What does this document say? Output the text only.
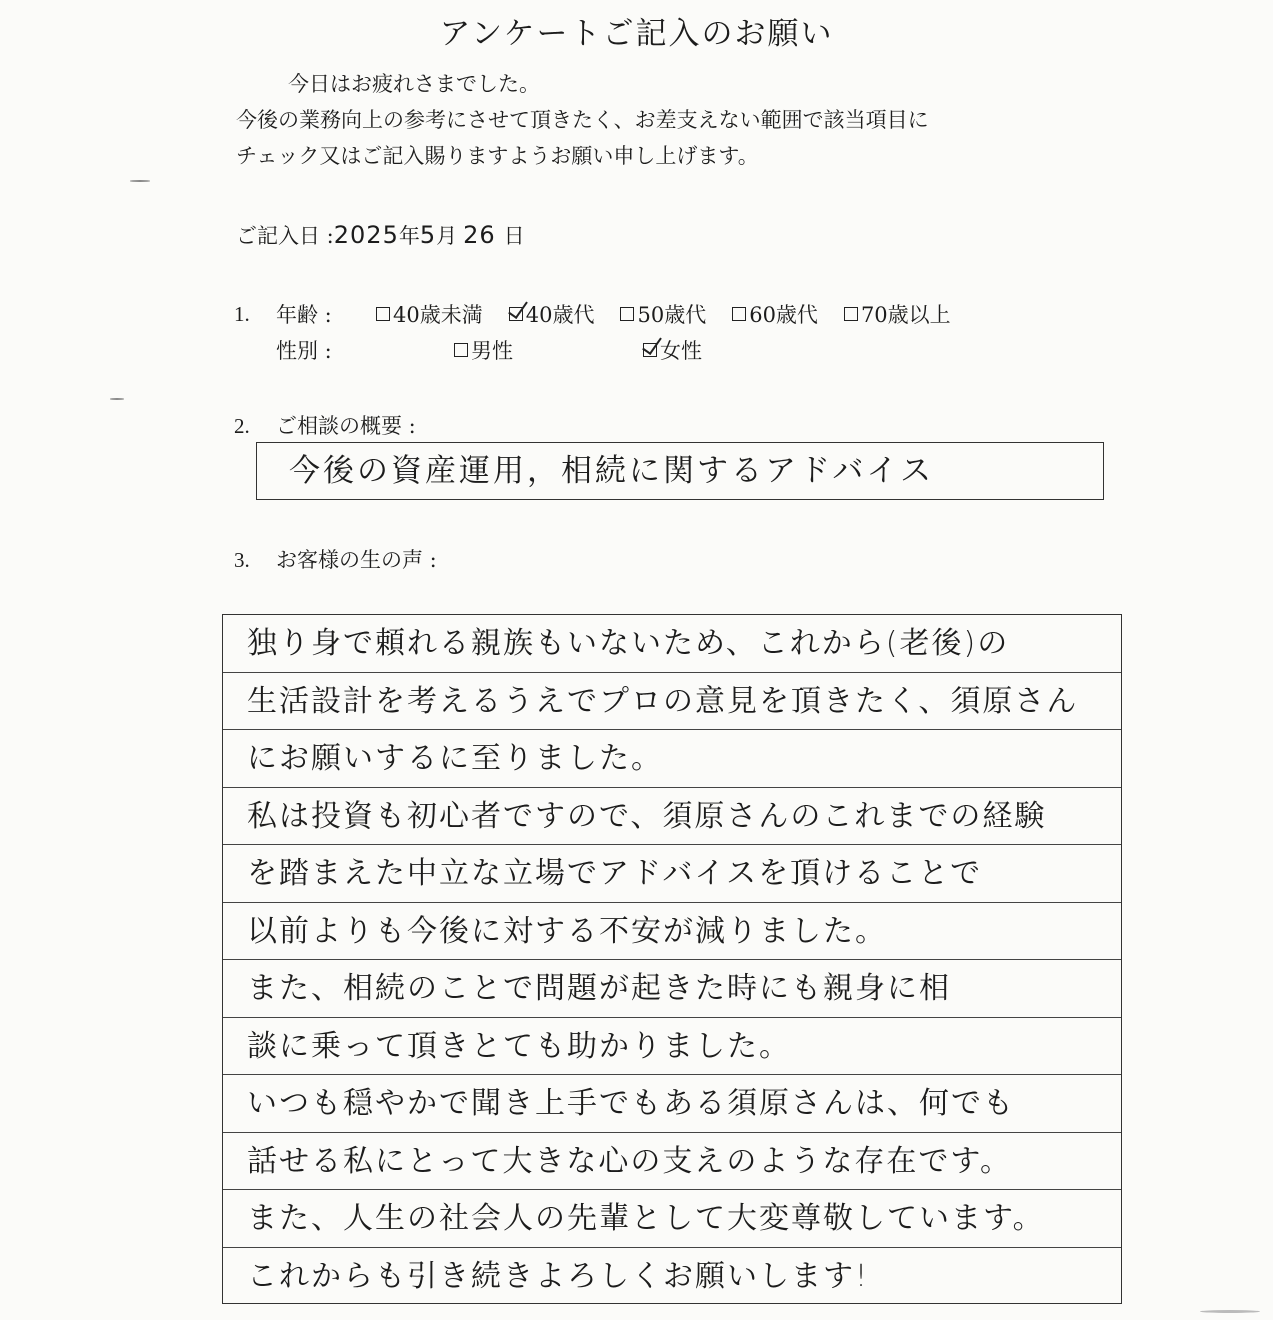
アンケートご記入のお願い
今日はお疲れさまでした。
今後の業務向上の参考にさせて頂きたく、お差支えない範囲で該当項目に
チェック又はご記入賜りますようお願い申し上げます。
ご記入日 :2025年5月 26 日
1.	年齢 :	40歳未満 40歳代 50歳代 60歳代 70歳以上
性別 :	男性	女性
2. ご相談の概要 :
今後の資産運用，相続に関するアドバイス
3. お客様の生の声 :
独り身で頼れる親族もいないため、これから(老後)の
生活設計を考えるうえでプロの意見を頂きたく、須原さん
にお願いするに至りました。
私は投資も初心者ですので、須原さんのこれまでの経験
を踏まえた中立な立場でアドバイスを頂けることで
以前よりも今後に対する不安が減りました。
また、相続のことで問題が起きた時にも親身に相
談に乗って頂きとても助かりました。
いつも穏やかで聞き上手でもある須原さんは、何でも
話せる私にとって大きな心の支えのような存在です。
また、人生の社会人の先輩として大変尊敬しています。
これからも引き続きよろしくお願いします!
